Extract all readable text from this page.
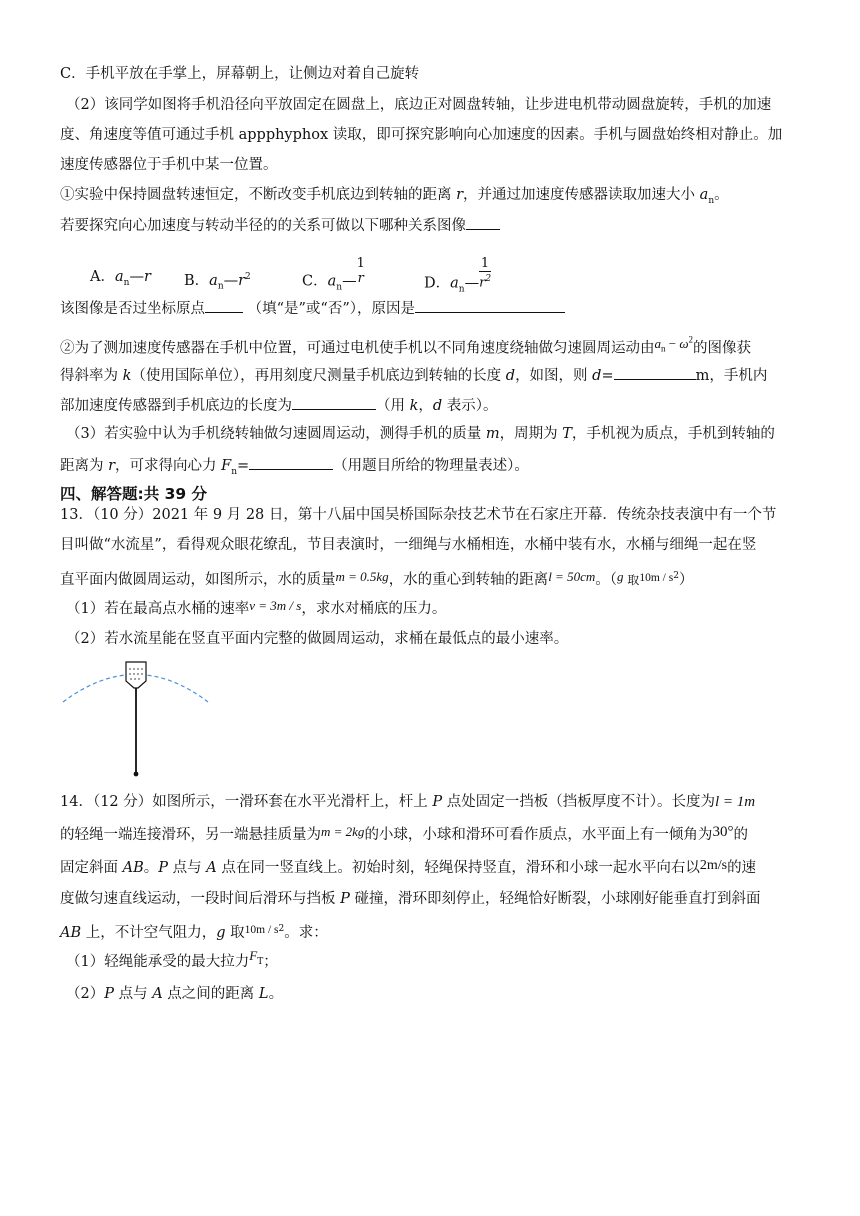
C．手机平放在手掌上，屏幕朝上，让侧边对着自己旋转
（2）该同学如图将手机沿径向平放固定在圆盘上，底边正对圆盘转轴，让步进电机带动圆盘旋转，手机的加速
度、角速度等值可通过手机 appphyphox 读取，即可探究影响向心加速度的因素。手机与圆盘始终相对静止。加
速度传感器位于手机中某一位置。
①实验中保持圆盘转速恒定，不断改变手机底边到转轴的距离 r，并通过加速度传感器读取加速大小 $a_n$。
若要探究向心加速度与转动半径的的关系可做以下哪种关系图像
A．$a_n—r$ B．$a_n—r^2$	C．$a_n—$
1
r	D．$a_n— \frac{1}{r^2}$
该图像是否过坐标原点	（填“是”或“否”），原因是
②为了测加速度传感器在手机中位置，可通过电机使手机以不同角速度绕轴做匀速圆周运动由$a_n - \omega^2$的图像获
得斜率为 k（使用国际单位），再用刻度尺测量手机底边到转轴的长度 d，如图，则 d=	m，手机内
部加速度传感器到手机底边的长度为	（用 k，d 表示）。
（3）若实验中认为手机绕转轴做匀速圆周运动，测得手机的质量 m，周期为 T，手机视为质点，手机到转轴的
距离为 r，可求得向心力 $F_n=$	（用题目所给的物理量表述）。
四、解答题:共 39 分
13．（10 分）2021 年 9 月 28 日，第十八届中国吴桥国际杂技艺术节在石家庄开幕．传统杂技表演中有一个节
目叫做“水流星”，看得观众眼花缭乱，节目表演时，一细绳与水桶相连，水桶中装有水，水桶与细绳一起在竖
直平面内做圆周运动，如图所示，水的质量m = 0.5kg，水的重心到转轴的距离l = 50cm。（g 取$^{10m / s2}$）
（1）若在最高点水桶的速率v = 3m / s，求水对桶底的压力。
（2）若水流星能在竖直平面内完整的做圆周运动，求桶在最低点的最小速率。
14．（12 分）如图所示，一滑环套在水平光滑杆上，杆上 P 点处固定一挡板（挡板厚度不计）。长度为l = 1m
的轻绳一端连接滑环，另一端悬挂质量为m = 2kg的小球，小球和滑环可看作质点，水平面上有一倾角为30°的
固定斜面 AB。P 点与 A 点在同一竖直线上。初始时刻，轻绳保持竖直，滑环和小球一起水平向右以2m/s的速
度做匀速直线运动，一段时间后滑环与挡板 P 碰撞，滑环即刻停止，轻绳恰好断裂，小球刚好能垂直打到斜面
AB 上，不计空气阻力，g 取$^{10m / s2}$。求：
（1）轻绳能承受的最大拉力$F_T$；
（2）P 点与 A 点之间的距离 L。
